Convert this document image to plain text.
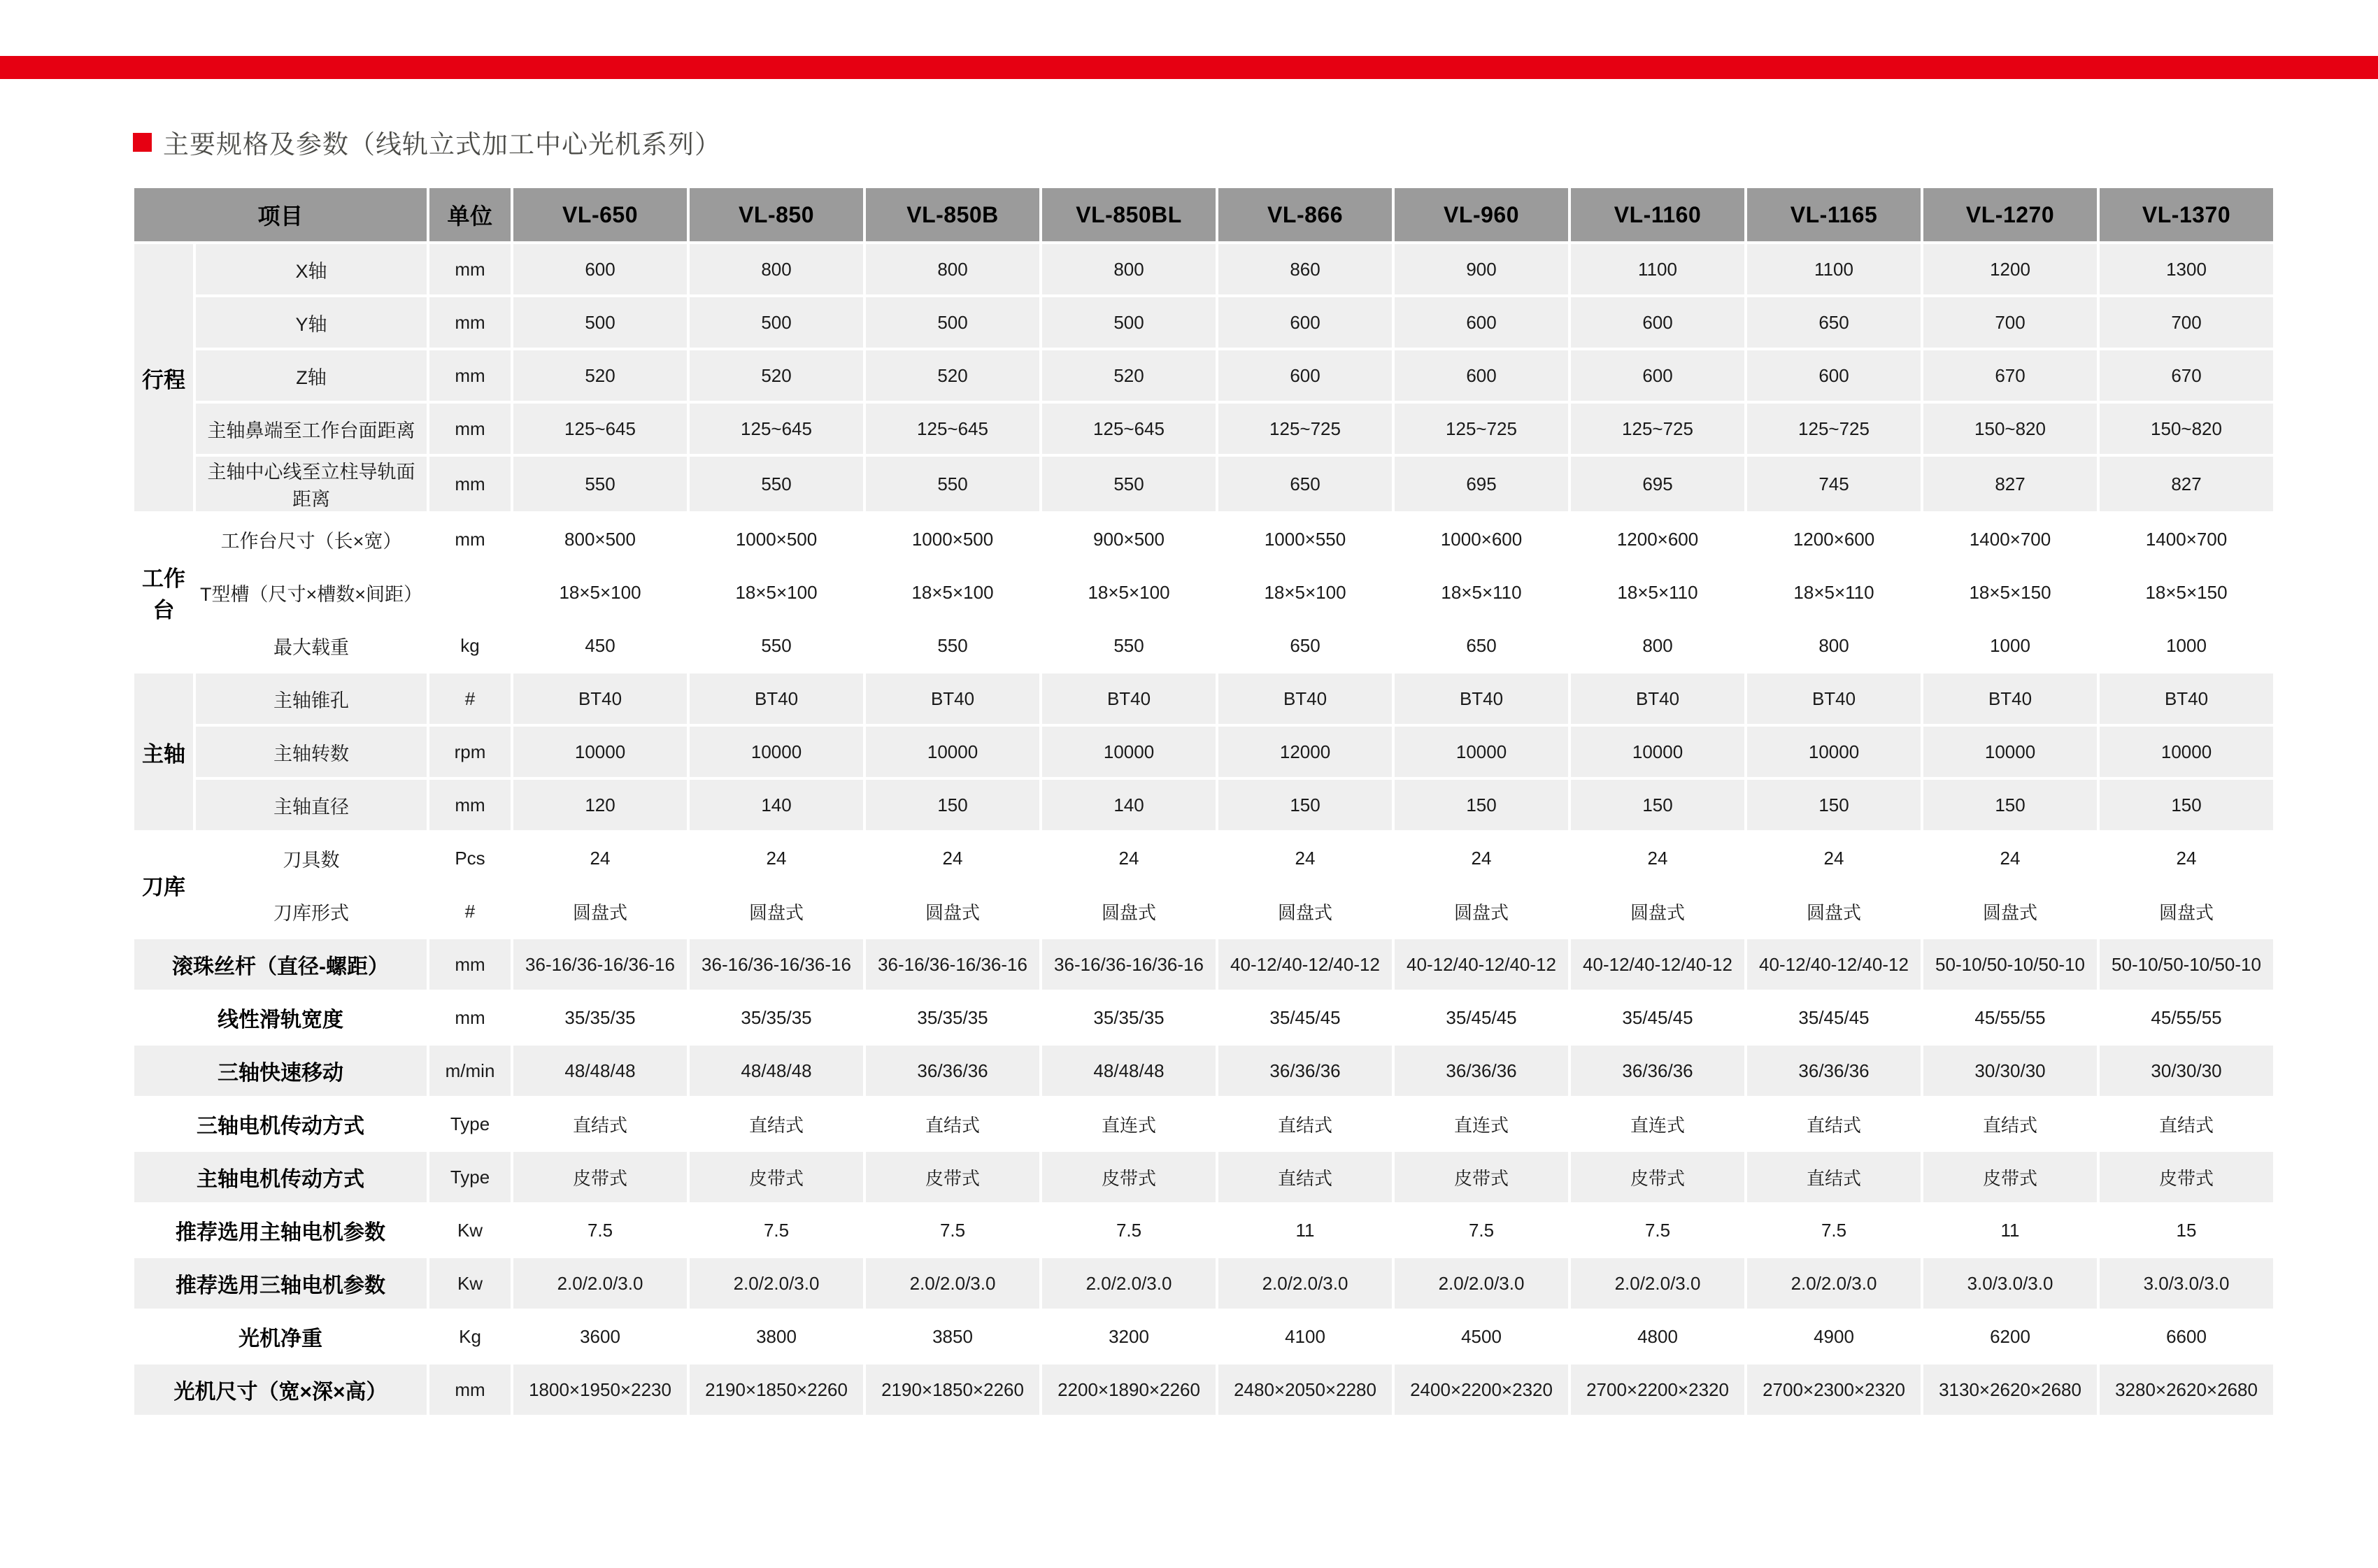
主要规格及参数（线轨立式加工中心光机系列）
项目		单位	VL-650	VL-850	VL-850B	VL-850BL	VL-866	VL-960	VL-1160	VL-1165	VL-1270	VL-1370
行程	X轴	mm	600	800	800	800	860	900	1100	1100	1200	1300
	Y轴	mm	500	500	500	500	600	600	600	650	700	700
	Z轴	mm	520	520	520	520	600	600	600	600	670	670
	主轴鼻端至工作台面距离	mm	125~645	125~645	125~645	125~645	125~725	125~725	125~725	125~725	150~820	150~820
	主轴中心线至立柱导轨面距离	mm	550	550	550	550	650	695	695	745	827	827
工作台	工作台尺寸（长×宽）	mm	800×500	1000×500	1000×500	900×500	1000×550	1000×600	1200×600	1200×600	1400×700	1400×700
	T型槽（尺寸×槽数×间距）		18×5×100	18×5×100	18×5×100	18×5×100	18×5×100	18×5×110	18×5×110	18×5×110	18×5×150	18×5×150
	最大载重	kg	450	550	550	550	650	650	800	800	1000	1000
主轴	主轴锥孔	#	BT40	BT40	BT40	BT40	BT40	BT40	BT40	BT40	BT40	BT40
	主轴转数	rpm	10000	10000	10000	10000	12000	10000	10000	10000	10000	10000
	主轴直径	mm	120	140	150	140	150	150	150	150	150	150
刀库	刀具数	Pcs	24	24	24	24	24	24	24	24	24	24
	刀库形式	#	圆盘式	圆盘式	圆盘式	圆盘式	圆盘式	圆盘式	圆盘式	圆盘式	圆盘式	圆盘式
滚珠丝杆（直径-螺距）		mm	36-16/36-16/36-16	36-16/36-16/36-16	36-16/36-16/36-16	36-16/36-16/36-16	40-12/40-12/40-12	40-12/40-12/40-12	40-12/40-12/40-12	40-12/40-12/40-12	50-10/50-10/50-10	50-10/50-10/50-10
线性滑轨宽度		mm	35/35/35	35/35/35	35/35/35	35/35/35	35/45/45	35/45/45	35/45/45	35/45/45	45/55/55	45/55/55
三轴快速移动		m/min	48/48/48	48/48/48	36/36/36	48/48/48	36/36/36	36/36/36	36/36/36	36/36/36	30/30/30	30/30/30
三轴电机传动方式		Type	直结式	直结式	直结式	直连式	直结式	直连式	直连式	直结式	直结式	直结式
主轴电机传动方式		Type	皮带式	皮带式	皮带式	皮带式	直结式	皮带式	皮带式	直结式	皮带式	皮带式
推荐选用主轴电机参数		Kw	7.5	7.5	7.5	7.5	11	7.5	7.5	7.5	11	15
推荐选用三轴电机参数		Kw	2.0/2.0/3.0	2.0/2.0/3.0	2.0/2.0/3.0	2.0/2.0/3.0	2.0/2.0/3.0	2.0/2.0/3.0	2.0/2.0/3.0	2.0/2.0/3.0	3.0/3.0/3.0	3.0/3.0/3.0
光机净重		Kg	3600	3800	3850	3200	4100	4500	4800	4900	6200	6600
光机尺寸（宽×深×高）		mm	1800×1950×2230	2190×1850×2260	2190×1850×2260	2200×1890×2260	2480×2050×2280	2400×2200×2320	2700×2200×2320	2700×2300×2320	3130×2620×2680	3280×2620×2680
